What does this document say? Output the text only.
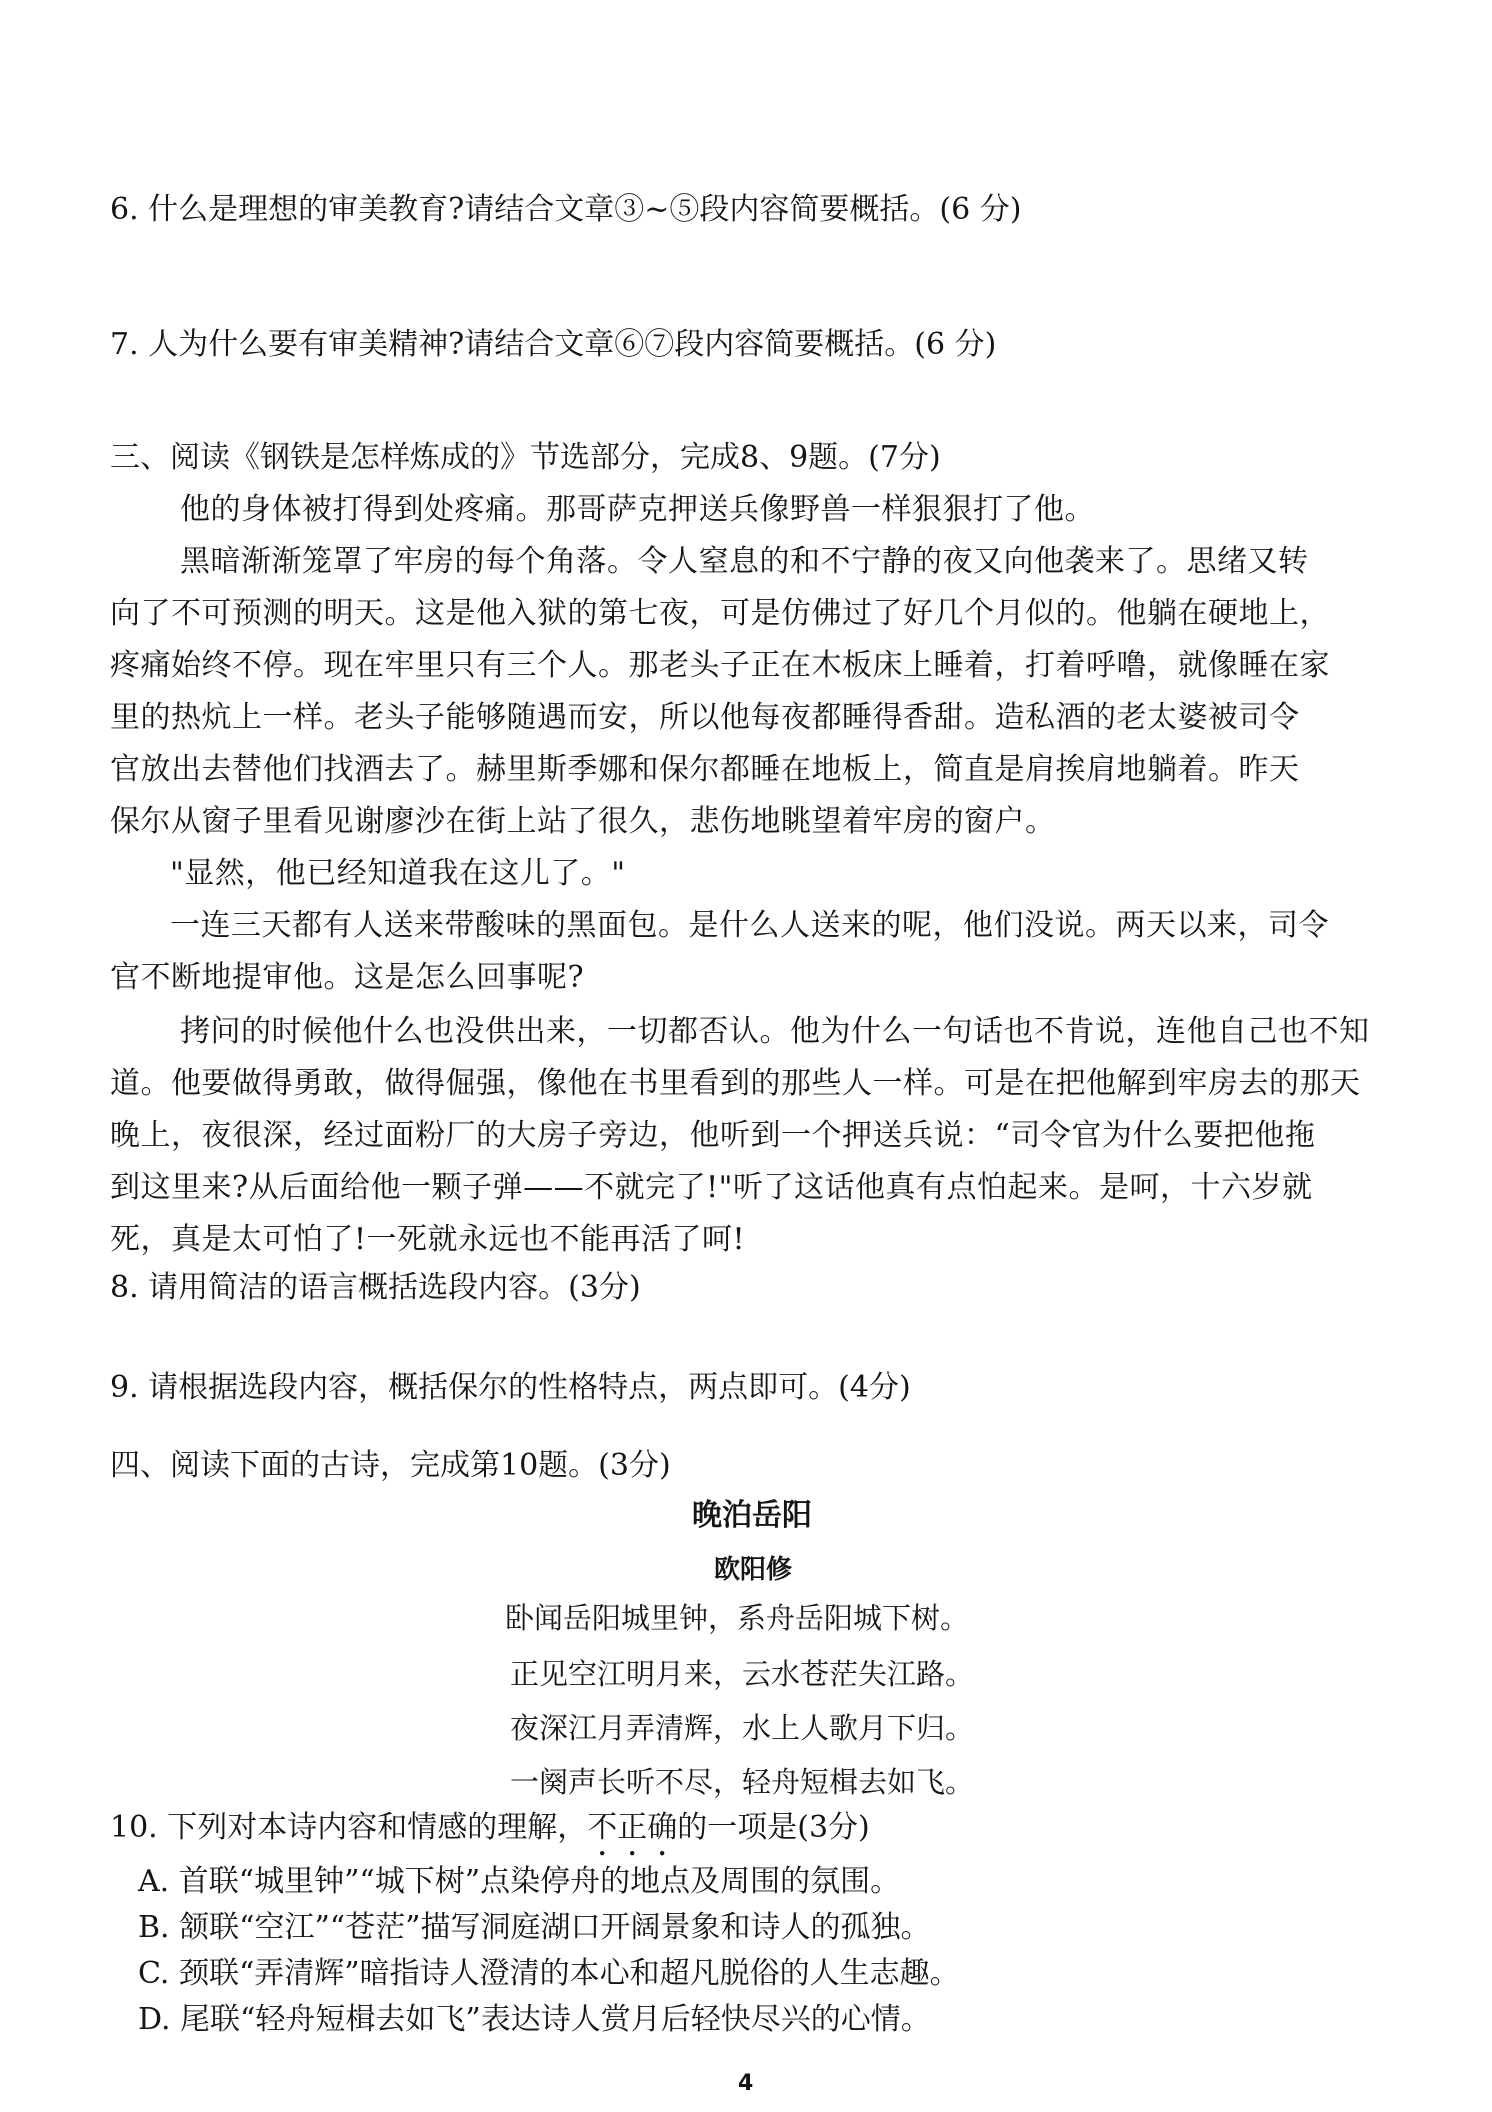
6. 什么是理想的审美教育?请结合文章③~⑤段内容简要概括。(6 分)
7. 人为什么要有审美精神?请结合文章⑥⑦段内容简要概括。(6 分)
三、阅读《钢铁是怎样炼成的》节选部分，完成8、9题。(7分)
他的身体被打得到处疼痛。那哥萨克押送兵像野兽一样狠狠打了他。
黑暗渐渐笼罩了牢房的每个角落。令人窒息的和不宁静的夜又向他袭来了。思绪又转
向了不可预测的明天。这是他入狱的第七夜，可是仿佛过了好几个月似的。他躺在硬地上，
疼痛始终不停。现在牢里只有三个人。那老头子正在木板床上睡着，打着呼噜，就像睡在家
里的热炕上一样。老头子能够随遇而安，所以他每夜都睡得香甜。造私酒的老太婆被司令
官放出去替他们找酒去了。赫里斯季娜和保尔都睡在地板上，简直是肩挨肩地躺着。昨天
保尔从窗子里看见谢廖沙在街上站了很久，悲伤地眺望着牢房的窗户。
"显然，他已经知道我在这儿了。"
一连三天都有人送来带酸味的黑面包。是什么人送来的呢，他们没说。两天以来，司令
官不断地提审他。这是怎么回事呢?
拷问的时候他什么也没供出来，一切都否认。他为什么一句话也不肯说，连他自己也不知
道。他要做得勇敢，做得倔强，像他在书里看到的那些人一样。可是在把他解到牢房去的那天
晚上，夜很深，经过面粉厂的大房子旁边，他听到一个押送兵说：“司令官为什么要把他拖
到这里来?从后面给他一颗子弹——不就完了!"听了这话他真有点怕起来。是呵，十六岁就
死，真是太可怕了!一死就永远也不能再活了呵!
8. 请用简洁的语言概括选段内容。(3分)
9. 请根据选段内容，概括保尔的性格特点，两点即可。(4分)
四、阅读下面的古诗，完成第10题。(3分)
晚泊岳阳
欧阳修
卧闻岳阳城里钟，系舟岳阳城下树。
正见空江明月来，云水苍茫失江路。
夜深江月弄清辉，水上人歌月下归。
一阕声长听不尽，轻舟短楫去如飞。
10. 下列对本诗内容和情感的理解，不正确的一项是(3分)
A. 首联“城里钟”“城下树”点染停舟的地点及周围的氛围。
B. 颔联“空江”“苍茫”描写洞庭湖口开阔景象和诗人的孤独。
C. 颈联“弄清辉”暗指诗人澄清的本心和超凡脱俗的人生志趣。
D. 尾联“轻舟短楫去如飞”表达诗人赏月后轻快尽兴的心情。
4
